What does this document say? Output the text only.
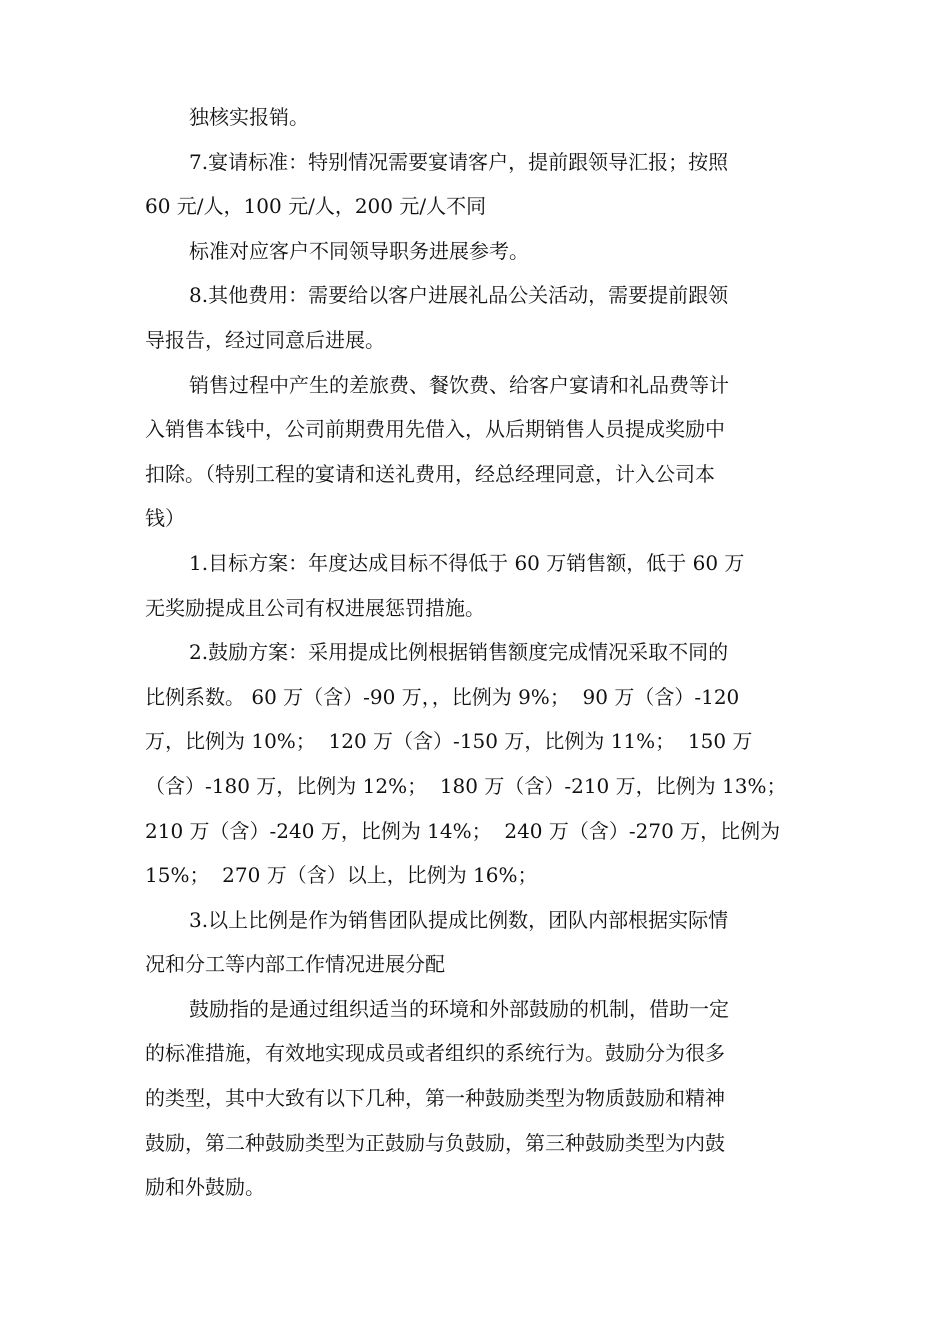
独核实报销。
7.宴请标准：特别情况需要宴请客户，提前跟领导汇报；按照
60 元/人，100 元/人，200 元/人不同
标准对应客户不同领导职务进展参考。
8.其他费用：需要给以客户进展礼品公关活动，需要提前跟领
导报告，经过同意后进展。
销售过程中产生的差旅费、餐饮费、给客户宴请和礼品费等计
入销售本钱中，公司前期费用先借入，从后期销售人员提成奖励中
扣除。（特别工程的宴请和送礼费用，经总经理同意，计入公司本
钱）
1.目标方案：年度达成目标不得低于 60 万销售额，低于 60 万
无奖励提成且公司有权进展惩罚措施。
2.鼓励方案：采用提成比例根据销售额度完成情况采取不同的
比例系数。 60 万（含）-90 万，，比例为 9%；  90 万（含）-120
万，比例为 10%；  120 万（含）-150 万，比例为 11%；  150 万
（含）-180 万，比例为 12%；  180 万（含）-210 万，比例为 13%；
210 万（含）-240 万，比例为 14%；  240 万（含）-270 万，比例为
15%；  270 万（含）以上，比例为 16%；
3.以上比例是作为销售团队提成比例数，团队内部根据实际情
况和分工等内部工作情况进展分配
鼓励指的是通过组织适当的环境和外部鼓励的机制，借助一定
的标准措施，有效地实现成员或者组织的系统行为。鼓励分为很多
的类型，其中大致有以下几种，第一种鼓励类型为物质鼓励和精神
鼓励，第二种鼓励类型为正鼓励与负鼓励，第三种鼓励类型为内鼓
励和外鼓励。
